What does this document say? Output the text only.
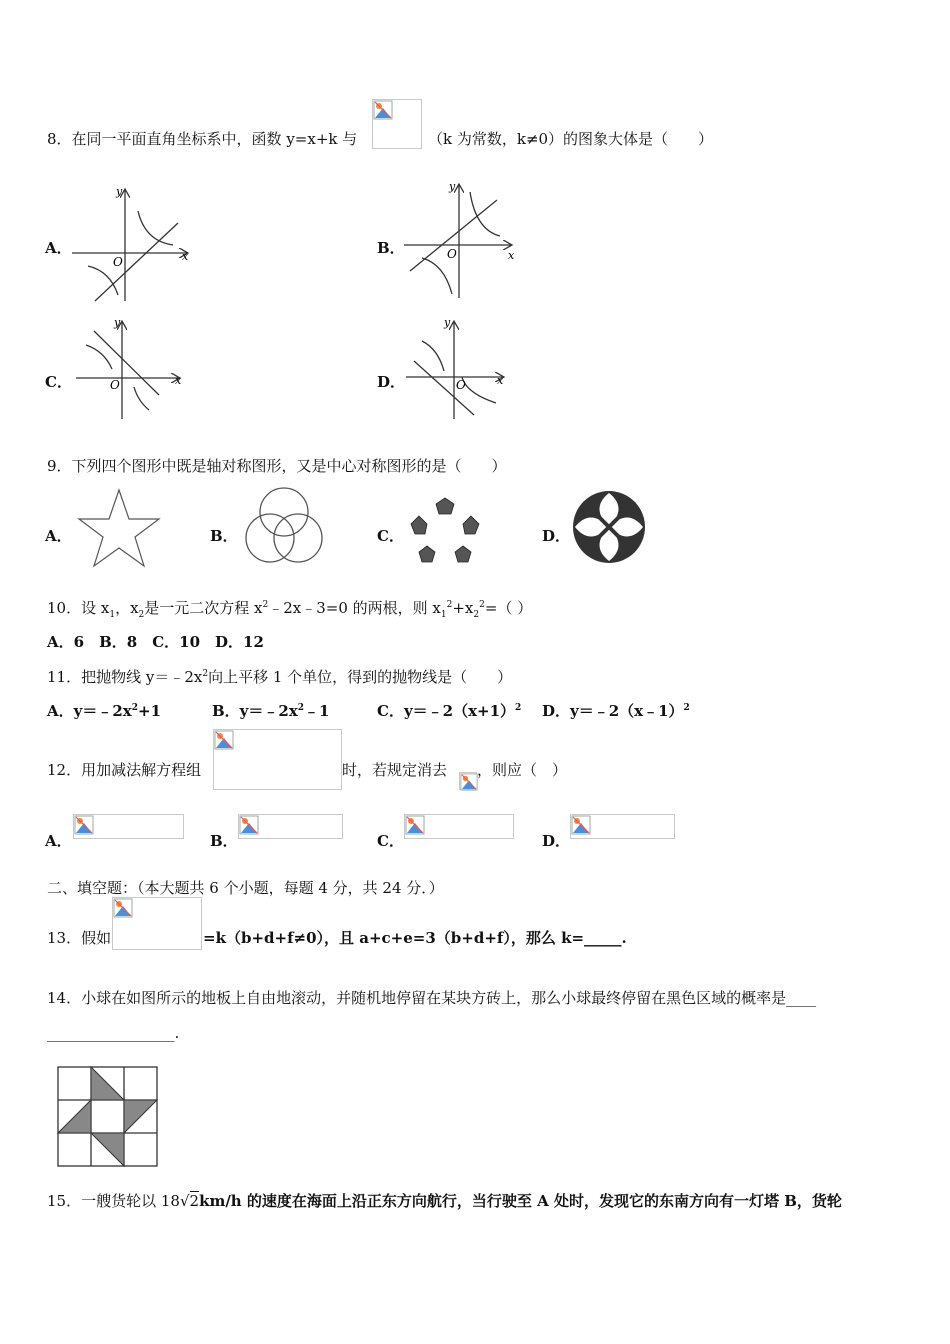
8．在同一平面直角坐标系中，函数 y=x+k 与	（k 为常数，k≠0）的图象大体是（　　）
A．
O	x
y
B．	O	x
y
C．	O	x
y
D．	O	x
y
9．下列四个图形中既是轴对称图形，又是中心对称图形的是（　　）
A．	B．	C．	D．
10．设 $x_1$，$x_2$是一元二次方程 $x^2﹣2x﹣3=0$ 的两根，则 $x_1^2+x_2^2=$（ ）
A．6　B．8　C．10　D．12
11．把抛物线 $y=﹣2x^2$向上平移 1 个单位，得到的抛物线是（　　）
A．$y=﹣2x^2+1$	B．$y=﹣2x^2﹣1$	C．$y=﹣2(x+1)^2$ D．y＝﹣2（x﹣1）$^2$
12．用加减法解方程组	时，若规定消去 ，则应（　）
A．	B．	C．	D．
二、填空题：（本大题共 6 个小题，每题 4 分，共 24 分．）
13．假如	=k（b+d+f≠0），且 a+c+e=3（b+d+f），那么 k=_____.
14．小球在如图所示的地板上自由地滚动，并随机地停留在某块方砖上，那么小球最终停留在黑色区域的概率是____
_________________.
15．一艘货轮以 18√2km/h 的速度在海面上沿正东方向航行，当行驶至 A 处时，发现它的东南方向有一灯塔 B，货轮
